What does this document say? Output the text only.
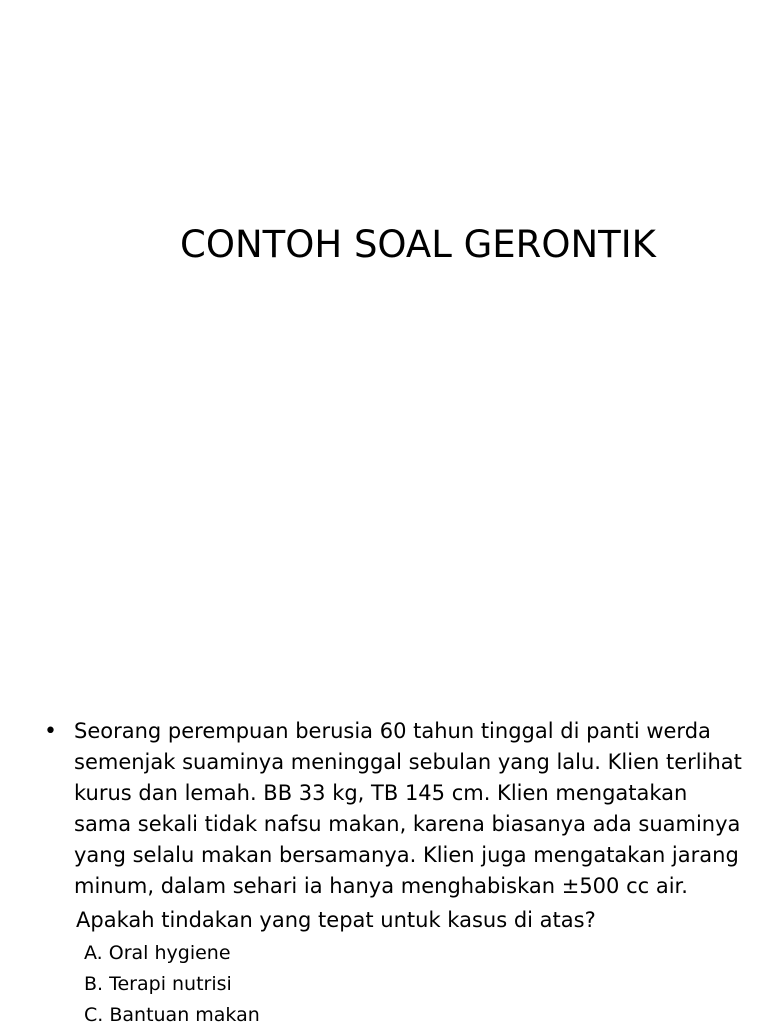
CONTOH SOAL GERONTIK
• Seorang perempuan berusia 60 tahun tinggal di panti werda
semenjak suaminya meninggal sebulan yang lalu. Klien terlihat
kurus dan lemah. BB 33 kg, TB 145 cm. Klien mengatakan
sama sekali tidak nafsu makan, karena biasanya ada suaminya
yang selalu makan bersamanya. Klien juga mengatakan jarang
minum, dalam sehari ia hanya menghabiskan ±500 cc air.
Apakah tindakan yang tepat untuk kasus di atas?
A. Oral hygiene
B. Terapi nutrisi
C. Bantuan makan
